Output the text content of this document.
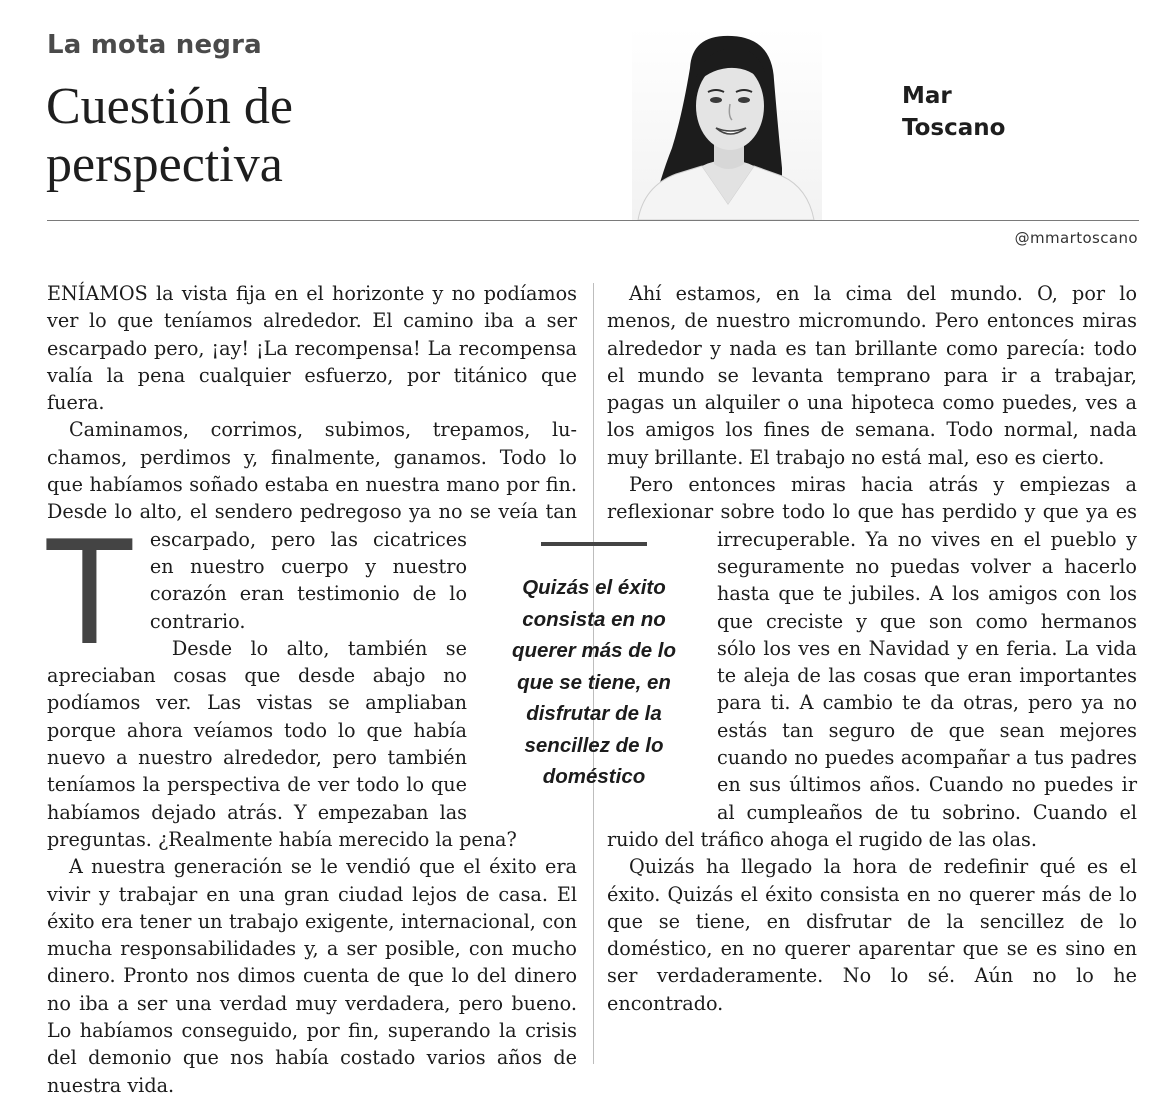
La mota negra
Cuestión de
perspectiva
Mar
Toscano
@mmartoscano

T
ENÍAMOS la vista fija en el horizonte y no podíamos ver lo que teníamos alrededor. El camino iba a ser escarpado pero, ¡ay! ¡La recompensa! La recompensa valía la pena cualquier esfuerzo, por titánico que fuera.

Caminamos, corrimos, subimos, trepamos, luchamos, perdimos y, finalmente, ganamos. Todo lo que habíamos soñado estaba en nuestra mano por fin. Desde lo alto, el sendero pedregoso ya no se veía tan escarpado, pero las cicatrices en nuestro cuerpo y nuestro corazón eran testimonio de lo contrario.

Desde lo alto, también se apreciaban cosas que desde abajo no podíamos ver. Las vistas se ampliaban porque ahora veíamos todo lo que había nuevo a nuestro alrededor, pero también teníamos la perspectiva de ver todo lo que habíamos dejado atrás. Y empezaban las preguntas. ¿Realmente había merecido la pena?

A nuestra generación se le vendió que el éxito era vivir y trabajar en una gran ciudad lejos de casa. El éxito era tener un trabajo exigente, internacional, con mucha responsabilidades y, a ser posible, con mucho dinero. Pronto nos dimos cuenta de que lo del dinero no iba a ser una verdad muy verdadera, pero bueno. Lo habíamos conseguido, por fin, superando la crisis del demonio que nos había costado varios años de nuestra vida.

Ahí estamos, en la cima del mundo. O, por lo menos, de nuestro micromundo. Pero entonces miras alrededor y nada es tan brillante como parecía: todo el mundo se levanta temprano para ir a trabajar, pagas un alquiler o una hipoteca como puedes, ves a los amigos los fines de semana. Todo normal, nada muy brillante. El trabajo no está mal, eso es cierto.

Pero entonces miras hacia atrás y empiezas a reflexionar sobre todo lo que has perdido y que ya es irrecuperable. Ya no vives en el pueblo y seguramente no puedas volver a hacerlo hasta que te jubiles. A los amigos con los que creciste y que son como hermanos sólo los ves en Navidad y en feria. La vida te aleja de las cosas que eran importantes para ti. A cambio te da otras, pero ya no estás tan seguro de que sean mejores cuando no puedes acompañar a tus padres en sus últimos años. Cuando no puedes ir al cumpleaños de tu sobrino. Cuando el ruido del tráfico ahoga el rugido de las olas.

Quizás ha llegado la hora de redefinir qué es el éxito. Quizás el éxito consista en no querer más de lo que se tiene, en disfrutar de la sencillez de lo doméstico, en no querer aparentar que se es sino en ser verdaderamente. No lo sé. Aún no lo he encontrado.

Quizás el éxito consista en no querer más de lo que se tiene, en disfrutar de la sencillez de lo doméstico
